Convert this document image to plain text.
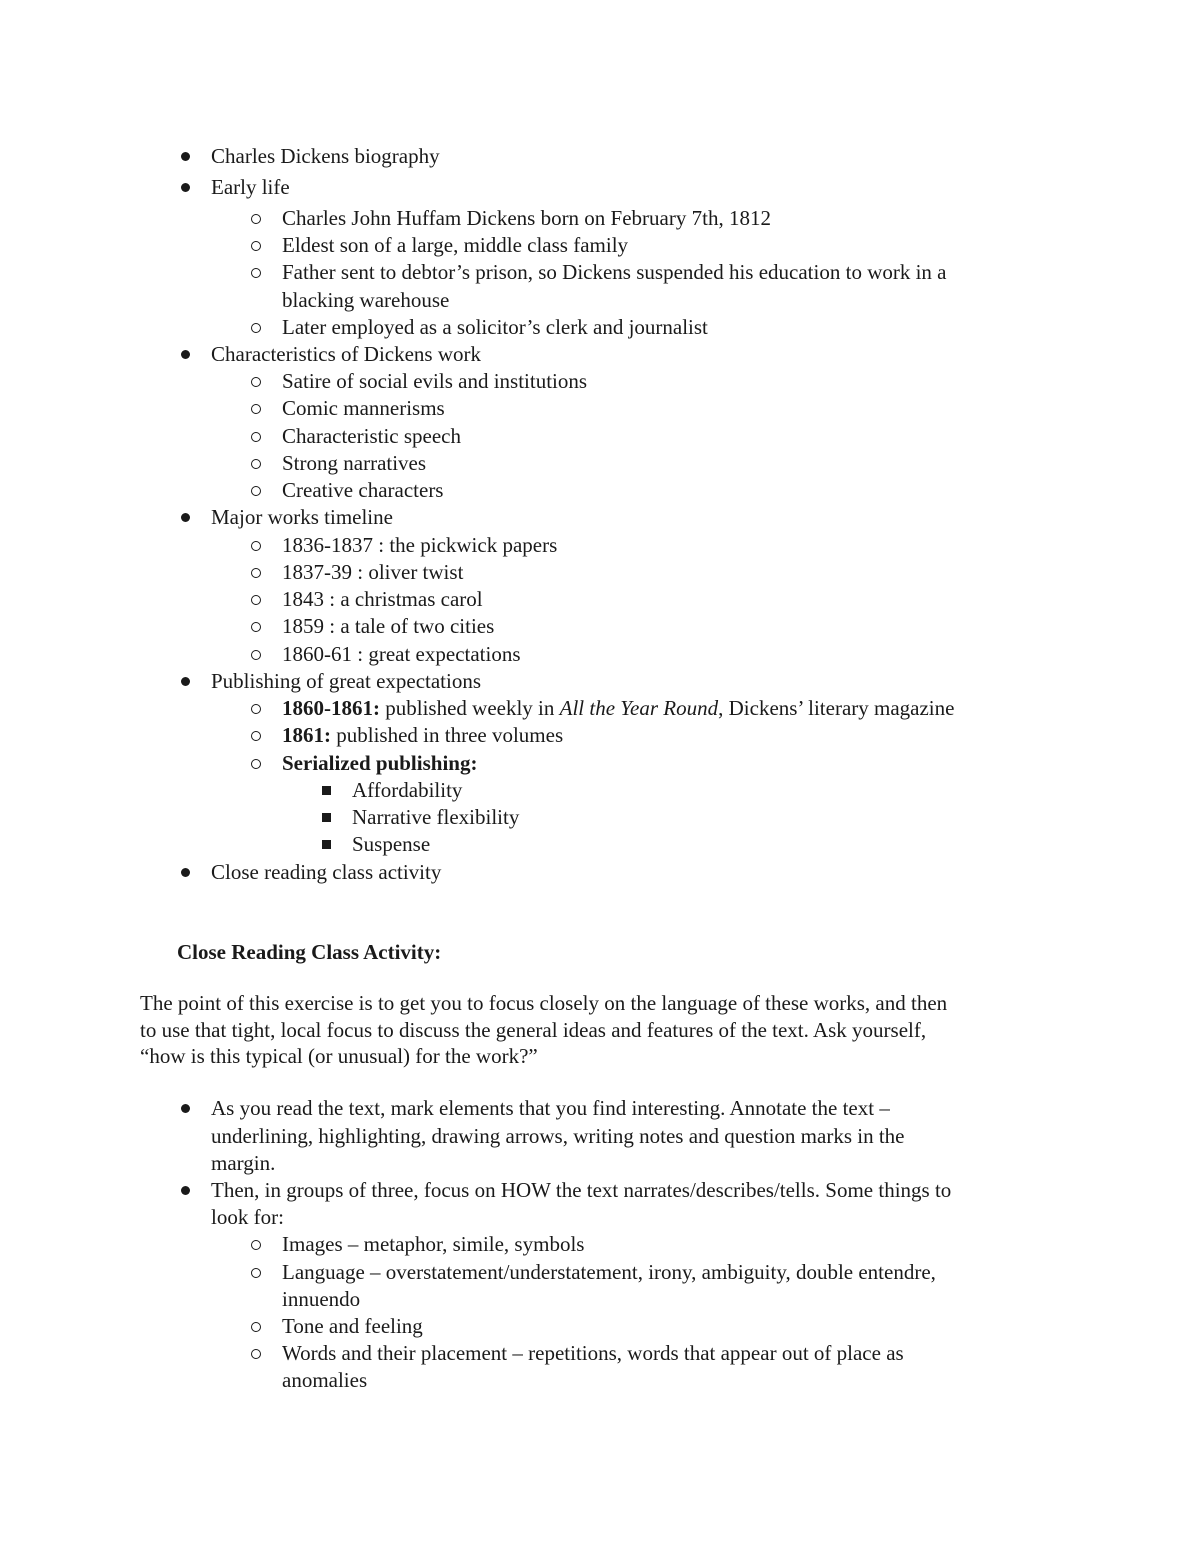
Charles Dickens biography
Early life
Charles John Huffam Dickens born on February 7th, 1812
Eldest son of a large, middle class family
Father sent to debtor’s prison, so Dickens suspended his education to work in a
blacking warehouse
Later employed as a solicitor’s clerk and journalist
Characteristics of Dickens work
Satire of social evils and institutions
Comic mannerisms
Characteristic speech
Strong narratives
Creative characters
Major works timeline
1836-1837 : the pickwick papers
1837-39 : oliver twist
1843 : a christmas carol
1859 : a tale of two cities
1860-61 : great expectations
Publishing of great expectations
1860-1861: published weekly in All the Year Round, Dickens’ literary magazine
1861: published in three volumes
Serialized publishing:
Affordability
Narrative flexibility
Suspense
Close reading class activity
Close Reading Class Activity:
The point of this exercise is to get you to focus closely on the language of these works, and then
to use that tight, local focus to discuss the general ideas and features of the text. Ask yourself,
“how is this typical (or unusual) for the work?”
As you read the text, mark elements that you find interesting. Annotate the text –
underlining, highlighting, drawing arrows, writing notes and question marks in the
margin.
Then, in groups of three, focus on HOW the text narrates/describes/tells. Some things to
look for:
Images – metaphor, simile, symbols
Language – overstatement/understatement, irony, ambiguity, double entendre,
innuendo
Tone and feeling
Words and their placement – repetitions, words that appear out of place as
anomalies
